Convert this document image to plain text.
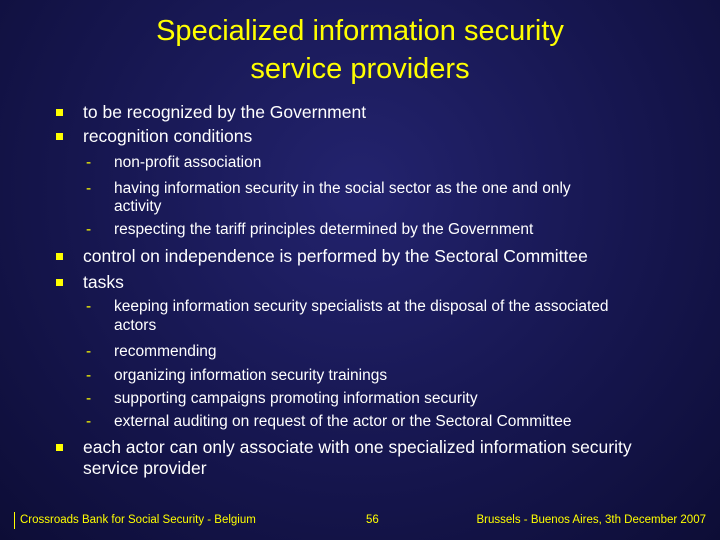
Specialized information security
service providers
to be recognized by the Government
recognition conditions
- non-profit association
- having information security in the social sector as the one and only
activity
- respecting the tariff principles determined by the Government
control on independence is performed by the Sectoral Committee
tasks
- keeping information security specialists at the disposal of the associated
actors
- recommending
- organizing information security trainings
- supporting campaigns promoting information security
- external auditing on request of the actor or the Sectoral Committee
each actor can only associate with one specialized information security service provider
Crossroads Bank for Social Security - Belgium	56	Brussels - Buenos Aires, 3th December 2007
